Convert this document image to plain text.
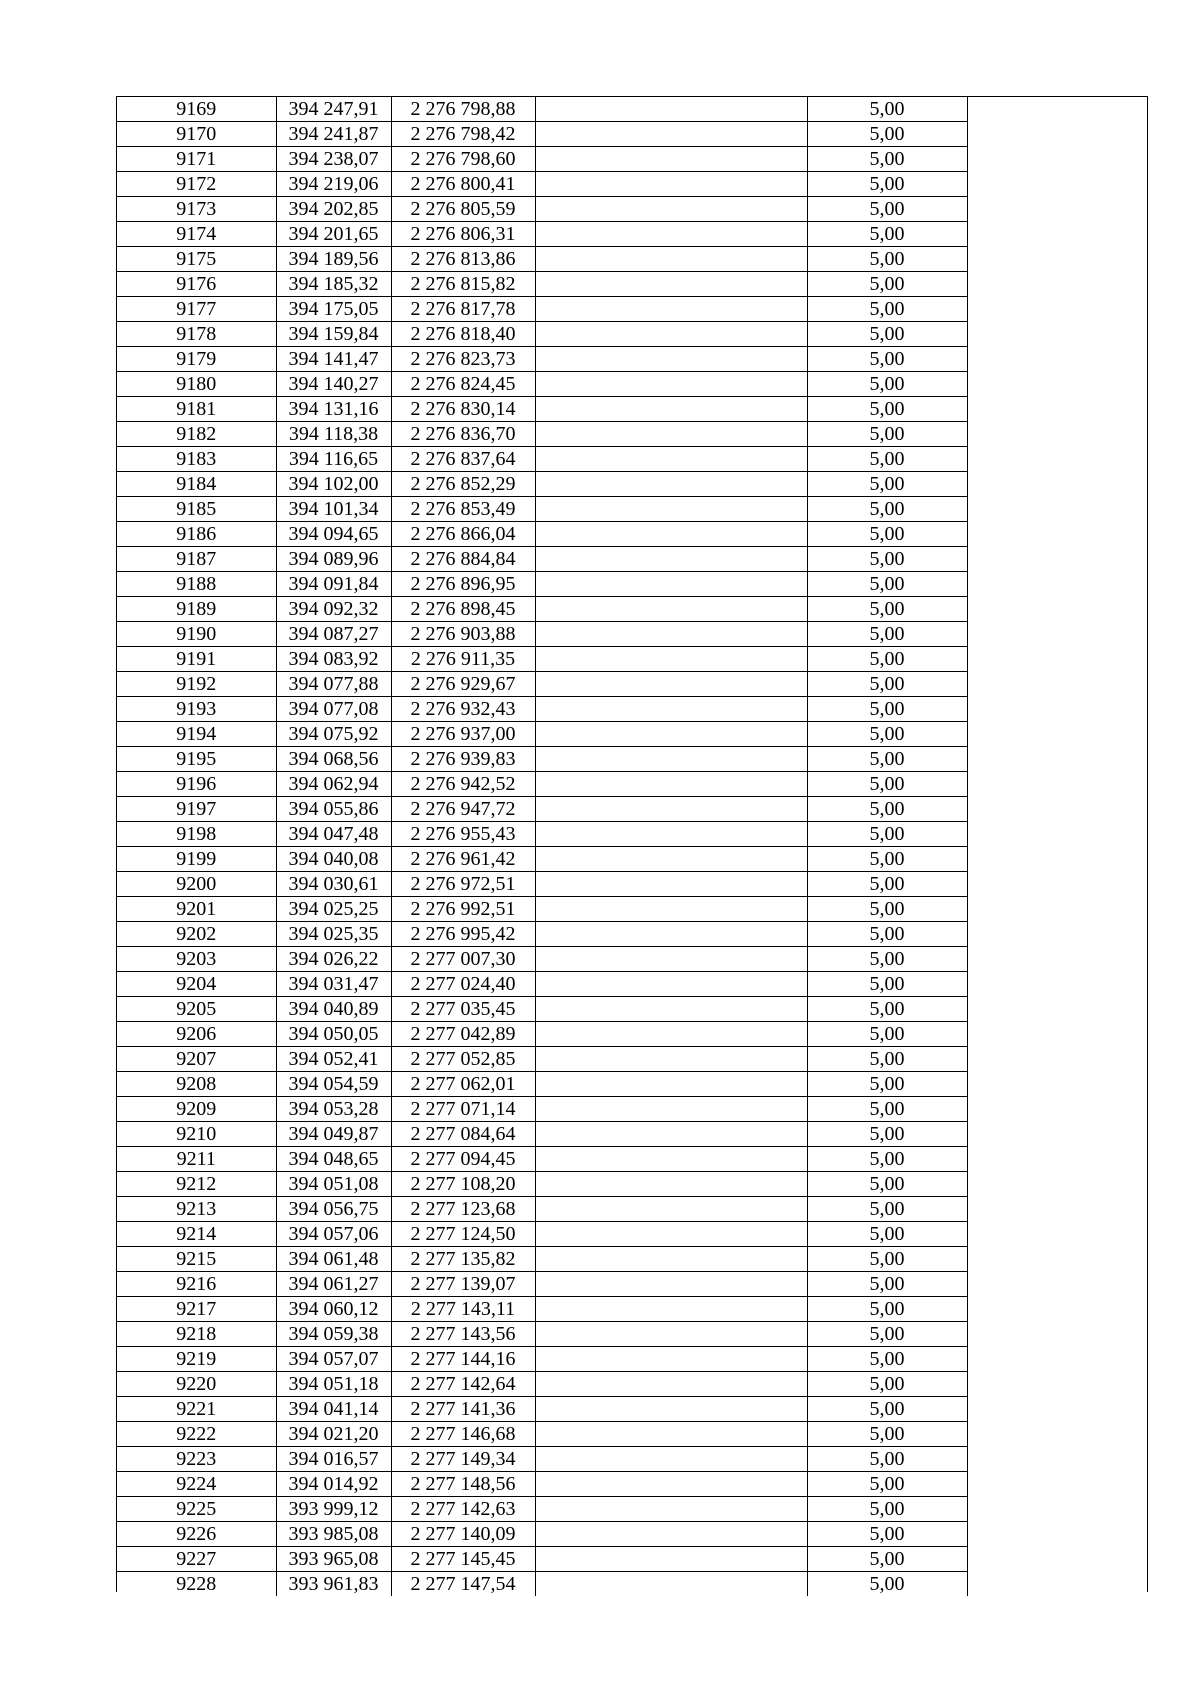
9169	394 247,91	2 276 798,88		5,00	
9170	394 241,87	2 276 798,42		5,00	
9171	394 238,07	2 276 798,60		5,00	
9172	394 219,06	2 276 800,41		5,00	
9173	394 202,85	2 276 805,59		5,00	
9174	394 201,65	2 276 806,31		5,00	
9175	394 189,56	2 276 813,86		5,00	
9176	394 185,32	2 276 815,82		5,00	
9177	394 175,05	2 276 817,78		5,00	
9178	394 159,84	2 276 818,40		5,00	
9179	394 141,47	2 276 823,73		5,00	
9180	394 140,27	2 276 824,45		5,00	
9181	394 131,16	2 276 830,14		5,00	
9182	394 118,38	2 276 836,70		5,00	
9183	394 116,65	2 276 837,64		5,00	
9184	394 102,00	2 276 852,29		5,00	
9185	394 101,34	2 276 853,49		5,00	
9186	394 094,65	2 276 866,04		5,00	
9187	394 089,96	2 276 884,84		5,00	
9188	394 091,84	2 276 896,95		5,00	
9189	394 092,32	2 276 898,45		5,00	
9190	394 087,27	2 276 903,88		5,00	
9191	394 083,92	2 276 911,35		5,00	
9192	394 077,88	2 276 929,67		5,00	
9193	394 077,08	2 276 932,43		5,00	
9194	394 075,92	2 276 937,00		5,00	
9195	394 068,56	2 276 939,83		5,00	
9196	394 062,94	2 276 942,52		5,00	
9197	394 055,86	2 276 947,72		5,00	
9198	394 047,48	2 276 955,43		5,00	
9199	394 040,08	2 276 961,42		5,00	
9200	394 030,61	2 276 972,51		5,00	
9201	394 025,25	2 276 992,51		5,00	
9202	394 025,35	2 276 995,42		5,00	
9203	394 026,22	2 277 007,30		5,00	
9204	394 031,47	2 277 024,40		5,00	
9205	394 040,89	2 277 035,45		5,00	
9206	394 050,05	2 277 042,89		5,00	
9207	394 052,41	2 277 052,85		5,00	
9208	394 054,59	2 277 062,01		5,00	
9209	394 053,28	2 277 071,14		5,00	
9210	394 049,87	2 277 084,64		5,00	
9211	394 048,65	2 277 094,45		5,00	
9212	394 051,08	2 277 108,20		5,00	
9213	394 056,75	2 277 123,68		5,00	
9214	394 057,06	2 277 124,50		5,00	
9215	394 061,48	2 277 135,82		5,00	
9216	394 061,27	2 277 139,07		5,00	
9217	394 060,12	2 277 143,11		5,00	
9218	394 059,38	2 277 143,56		5,00	
9219	394 057,07	2 277 144,16		5,00	
9220	394 051,18	2 277 142,64		5,00	
9221	394 041,14	2 277 141,36		5,00	
9222	394 021,20	2 277 146,68		5,00	
9223	394 016,57	2 277 149,34		5,00	
9224	394 014,92	2 277 148,56		5,00	
9225	393 999,12	2 277 142,63		5,00	
9226	393 985,08	2 277 140,09		5,00	
9227	393 965,08	2 277 145,45		5,00	
9228	393 961,83	2 277 147,54		5,00	
